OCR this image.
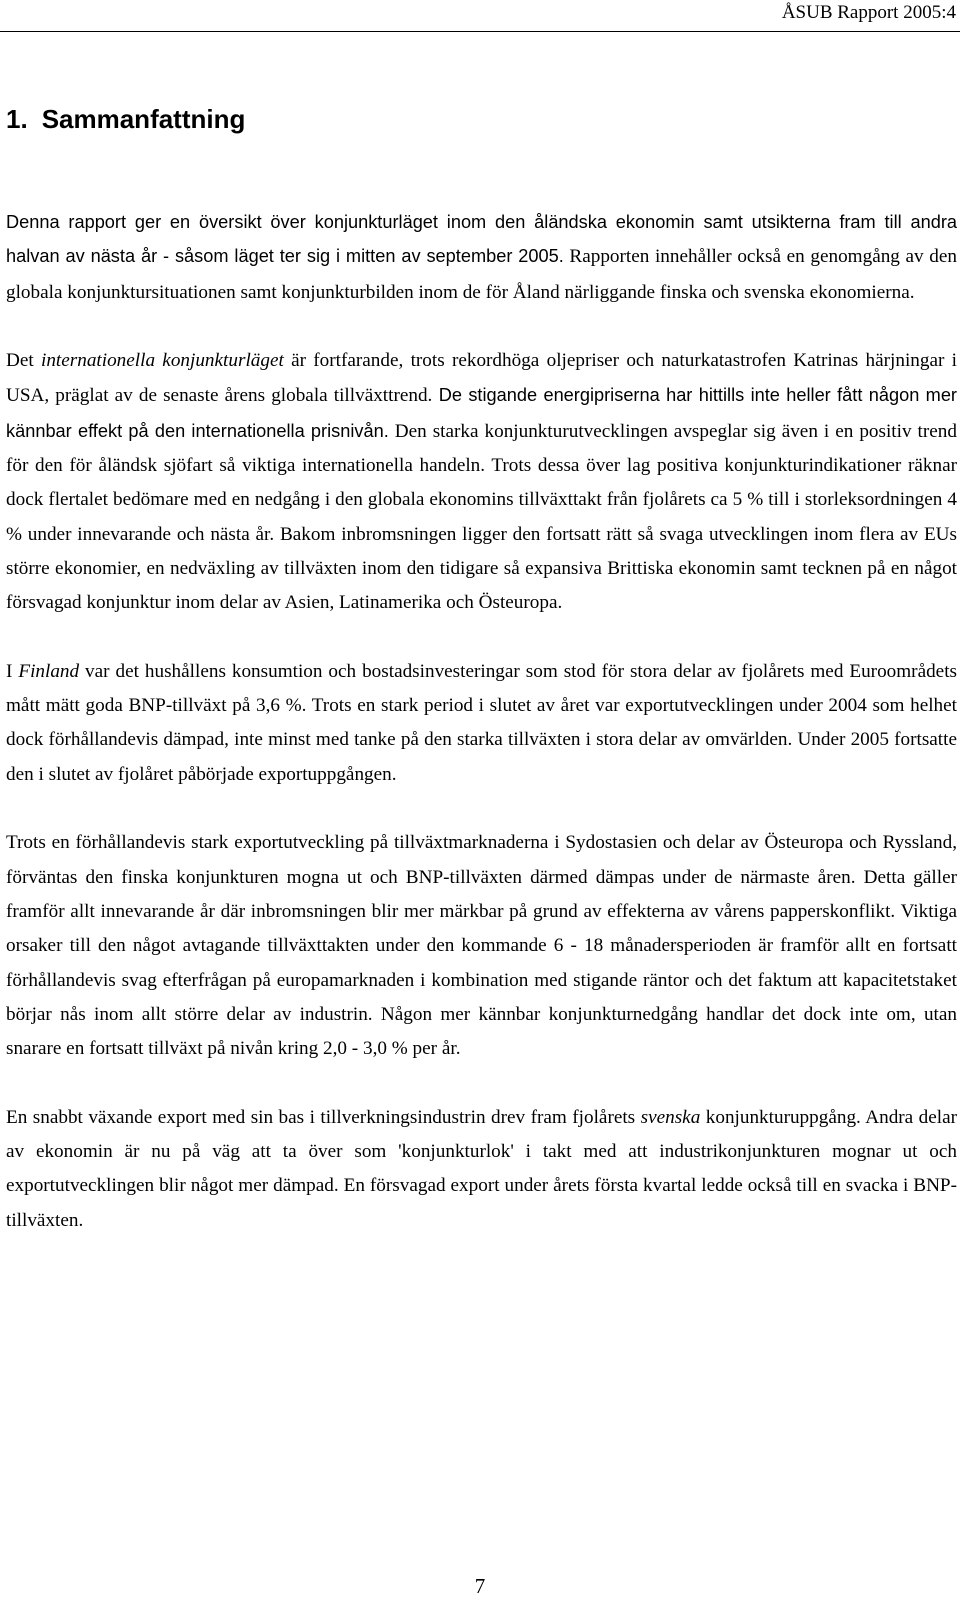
ÅSUB Rapport 2005:4
1. Sammanfattning

Denna rapport ger en översikt över konjunkturläget inom den åländska ekonomin samt utsikterna fram till andra halvan av nästa år - såsom läget ter sig i mitten av september 2005. Rapporten innehåller också en genomgång av den globala konjunktursituationen samt konjunkturbilden inom de för Åland närliggande finska och svenska ekonomierna.

Det internationella konjunkturläget är fortfarande, trots rekordhöga oljepriser och naturkatastrofen Katrinas härjningar i USA, präglat av de senaste årens globala tillväxttrend. De stigande energipriserna har hittills inte heller fått någon mer kännbar effekt på den internationella prisnivån. Den starka konjunkturutvecklingen avspeglar sig även i en positiv trend för den för åländsk sjöfart så viktiga internationella handeln. Trots dessa över lag positiva konjunkturindikationer räknar dock flertalet bedömare med en nedgång i den globala ekonomins tillväxttakt från fjolårets ca 5 % till i storleksordningen 4 % under innevarande och nästa år. Bakom inbromsningen ligger den fortsatt rätt så svaga utvecklingen inom flera av EUs större ekonomier, en nedväxling av tillväxten inom den tidigare så expansiva Brittiska ekonomin samt tecknen på en något försvagad konjunktur inom delar av Asien, Latinamerika och Östeuropa.

I Finland var det hushållens konsumtion och bostadsinvesteringar som stod för stora delar av fjolårets med Euroområdets mått mätt goda BNP-tillväxt på 3,6 %. Trots en stark period i slutet av året var exportutvecklingen under 2004 som helhet dock förhållandevis dämpad, inte minst med tanke på den starka tillväxten i stora delar av omvärlden. Under 2005 fortsatte den i slutet av fjolåret påbörjade exportuppgången.

Trots en förhållandevis stark exportutveckling på tillväxtmarknaderna i Sydostasien och delar av Östeuropa och Ryssland, förväntas den finska konjunkturen mogna ut och BNP-tillväxten därmed dämpas under de närmaste åren. Detta gäller framför allt innevarande år där inbromsningen blir mer märkbar på grund av effekterna av vårens papperskonflikt. Viktiga orsaker till den något avtagande tillväxttakten under den kommande 6 - 18 månadersperioden är framför allt en fortsatt förhållandevis svag efterfrågan på europamarknaden i kombination med stigande räntor och det faktum att kapacitetstaket börjar nås inom allt större delar av industrin. Någon mer kännbar konjunkturnedgång handlar det dock inte om, utan snarare en fortsatt tillväxt på nivån kring 2,0 - 3,0 % per år.

En snabbt växande export med sin bas i tillverkningsindustrin drev fram fjolårets svenska konjunkturuppgång. Andra delar av ekonomin är nu på väg att ta över som 'konjunkturlok' i takt med att industrikonjunkturen mognar ut och exportutvecklingen blir något mer dämpad. En försvagad export under årets första kvartal ledde också till en svacka i BNP-tillväxten.

7
